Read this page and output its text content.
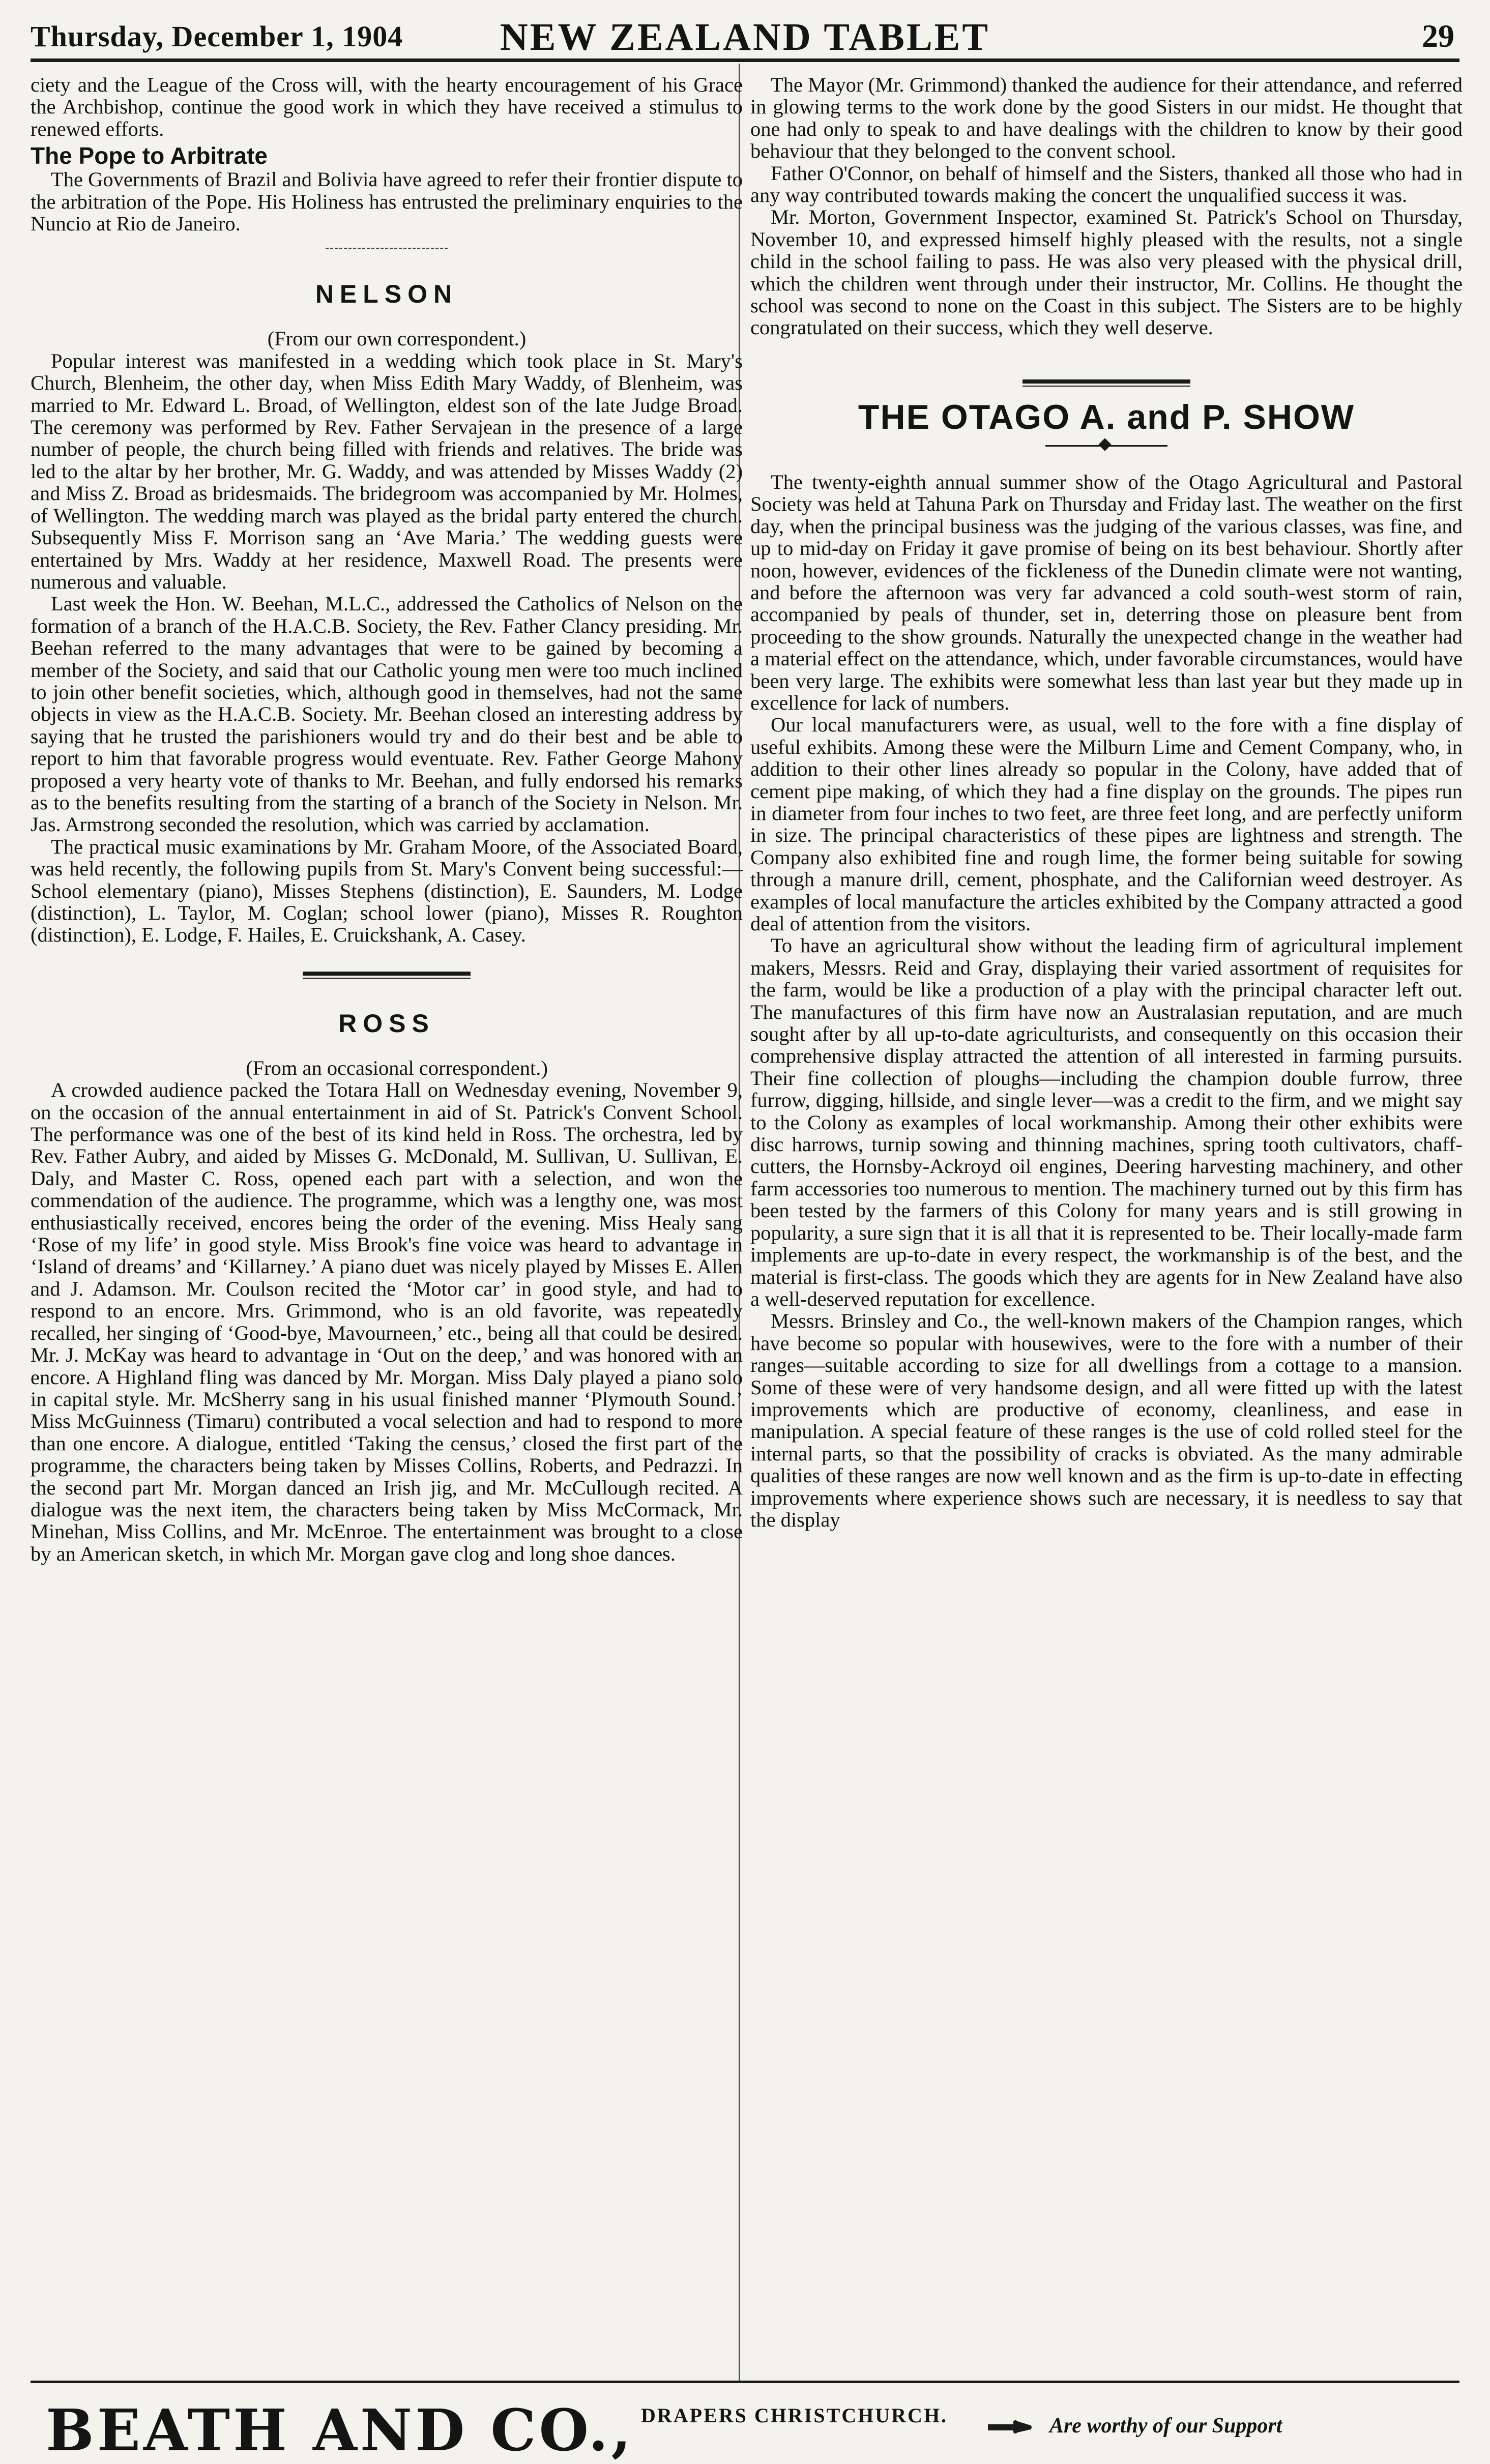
Thursday, December 1, 1904	NEW ZEALAND TABLET	29

ciety and the League of the Cross will, with the hearty encouragement of his Grace the Archbishop, continue the good work in which they have received a stimulus to renewed efforts.

The Pope to Arbitrate

The Governments of Brazil and Bolivia have agreed to refer their frontier dispute to the arbitration of the Pope. His Holiness has entrusted the preliminary enquiries to the Nuncio at Rio de Janeiro.

NELSON

(From our own correspondent.)

Popular interest was manifested in a wedding which took place in St. Mary's Church, Blenheim, the other day, when Miss Edith Mary Waddy, of Blenheim, was married to Mr. Edward L. Broad, of Wellington, eldest son of the late Judge Broad. The ceremony was performed by Rev. Father Servajean in the presence of a large number of people, the church being filled with friends and relatives. The bride was led to the altar by her brother, Mr. G. Waddy, and was attended by Misses Waddy (2) and Miss Z. Broad as bridesmaids. The bridegroom was accompanied by Mr. Holmes, of Wellington. The wedding march was played as the bridal party entered the church. Subsequently Miss F. Morrison sang an ‘Ave Maria.’ The wedding guests were entertained by Mrs. Waddy at her residence, Maxwell Road. The presents were numerous and valuable.

Last week the Hon. W. Beehan, M.L.C., addressed the Catholics of Nelson on the formation of a branch of the H.A.C.B. Society, the Rev. Father Clancy presiding. Mr. Beehan referred to the many advantages that were to be gained by becoming a member of the Society, and said that our Catholic young men were too much inclined to join other benefit societies, which, although good in themselves, had not the same objects in view as the H.A.C.B. Society. Mr. Beehan closed an interesting address by saying that he trusted the parishioners would try and do their best and be able to report to him that favorable progress would eventuate. Rev. Father George Mahony proposed a very hearty vote of thanks to Mr. Beehan, and fully endorsed his remarks as to the benefits resulting from the starting of a branch of the Society in Nelson. Mr. Jas. Armstrong seconded the resolution, which was carried by acclamation.

The practical music examinations by Mr. Graham Moore, of the Associated Board, was held recently, the following pupils from St. Mary's Convent being successful:—School elementary (piano), Misses Stephens (distinction), E. Saunders, M. Lodge (distinction), L. Taylor, M. Coglan; school lower (piano), Misses R. Roughton (distinction), E. Lodge, F. Hailes, E. Cruickshank, A. Casey.

ROSS

(From an occasional correspondent.)

A crowded audience packed the Totara Hall on Wednesday evening, November 9, on the occasion of the annual entertainment in aid of St. Patrick's Convent School. The performance was one of the best of its kind held in Ross. The orchestra, led by Rev. Father Aubry, and aided by Misses G. McDonald, M. Sullivan, U. Sullivan, E. Daly, and Master C. Ross, opened each part with a selection, and won the commendation of the audience. The programme, which was a lengthy one, was most enthusiastically received, encores being the order of the evening. Miss Healy sang ‘Rose of my life’ in good style. Miss Brook's fine voice was heard to advantage in ‘Island of dreams’ and ‘Killarney.’ A piano duet was nicely played by Misses E. Allen and J. Adamson. Mr. Coulson recited the ‘Motor car’ in good style, and had to respond to an encore. Mrs. Grimmond, who is an old favorite, was repeatedly recalled, her singing of ‘Good-bye, Mavourneen,’ etc., being all that could be desired. Mr. J. McKay was heard to advantage in ‘Out on the deep,’ and was honored with an encore. A Highland fling was danced by Mr. Morgan. Miss Daly played a piano solo in capital style. Mr. McSherry sang in his usual finished manner ‘Plymouth Sound.’ Miss McGuinness (Timaru) contributed a vocal selection and had to respond to more than one encore. A dialogue, entitled ‘Taking the census,’ closed the first part of the programme, the characters being taken by Misses Collins, Roberts, and Pedrazzi. In the second part Mr. Morgan danced an Irish jig, and Mr. McCullough recited. A dialogue was the next item, the characters being taken by Miss McCormack, Mr. Minehan, Miss Collins, and Mr. McEnroe. The entertainment was brought to a close by an American sketch, in which Mr. Morgan gave clog and long shoe dances.

The Mayor (Mr. Grimmond) thanked the audience for their attendance, and referred in glowing terms to the work done by the good Sisters in our midst. He thought that one had only to speak to and have dealings with the children to know by their good behaviour that they belonged to the convent school.

Father O'Connor, on behalf of himself and the Sisters, thanked all those who had in any way contributed towards making the concert the unqualified success it was.

Mr. Morton, Government Inspector, examined St. Patrick's School on Thursday, November 10, and expressed himself highly pleased with the results, not a single child in the school failing to pass. He was also very pleased with the physical drill, which the children went through under their instructor, Mr. Collins. He thought the school was second to none on the Coast in this subject. The Sisters are to be highly congratulated on their success, which they well deserve.

THE OTAGO A. and P. SHOW

The twenty-eighth annual summer show of the Otago Agricultural and Pastoral Society was held at Tahuna Park on Thursday and Friday last. The weather on the first day, when the principal business was the judging of the various classes, was fine, and up to mid-day on Friday it gave promise of being on its best behaviour. Shortly after noon, however, evidences of the fickleness of the Dunedin climate were not wanting, and before the afternoon was very far advanced a cold south-west storm of rain, accompanied by peals of thunder, set in, deterring those on pleasure bent from proceeding to the show grounds. Naturally the unexpected change in the weather had a material effect on the attendance, which, under favorable circumstances, would have been very large. The exhibits were somewhat less than last year but they made up in excellence for lack of numbers.

Our local manufacturers were, as usual, well to the fore with a fine display of useful exhibits. Among these were the Milburn Lime and Cement Company, who, in addition to their other lines already so popular in the Colony, have added that of cement pipe making, of which they had a fine display on the grounds. The pipes run in diameter from four inches to two feet, are three feet long, and are perfectly uniform in size. The principal characteristics of these pipes are lightness and strength. The Company also exhibited fine and rough lime, the former being suitable for sowing through a manure drill, cement, phosphate, and the Californian weed destroyer. As examples of local manufacture the articles exhibited by the Company attracted a good deal of attention from the visitors.

To have an agricultural show without the leading firm of agricultural implement makers, Messrs. Reid and Gray, displaying their varied assortment of requisites for the farm, would be like a production of a play with the principal character left out. The manufactures of this firm have now an Australasian reputation, and are much sought after by all up-to-date agriculturists, and consequently on this occasion their comprehensive display attracted the attention of all interested in farming pursuits. Their fine collection of ploughs—including the champion double furrow, three furrow, digging, hillside, and single lever—was a credit to the firm, and we might say to the Colony as examples of local workmanship. Among their other exhibits were disc harrows, turnip sowing and thinning machines, spring tooth cultivators, chaff-cutters, the Hornsby-Ackroyd oil engines, Deering harvesting machinery, and other farm accessories too numerous to mention. The machinery turned out by this firm has been tested by the farmers of this Colony for many years and is still growing in popularity, a sure sign that it is all that it is represented to be. Their locally-made farm implements are up-to-date in every respect, the workmanship is of the best, and the material is first-class. The goods which they are agents for in New Zealand have also a well-deserved reputation for excellence.

Messrs. Brinsley and Co., the well-known makers of the Champion ranges, which have become so popular with housewives, were to the fore with a number of their ranges—suitable according to size for all dwellings from a cottage to a mansion. Some of these were of very handsome design, and all were fitted up with the latest improvements which are productive of economy, cleanliness, and ease in manipulation. A special feature of these ranges is the use of cold rolled steel for the internal parts, so that the possibility of cracks is obviated. As the many admirable qualities of these ranges are now well known and as the firm is up-to-date in effecting improvements where experience shows such are necessary, it is needless to say that the display

BEATH AND CO., DRAPERS CHRISTCHURCH.	Are worthy of our Support
